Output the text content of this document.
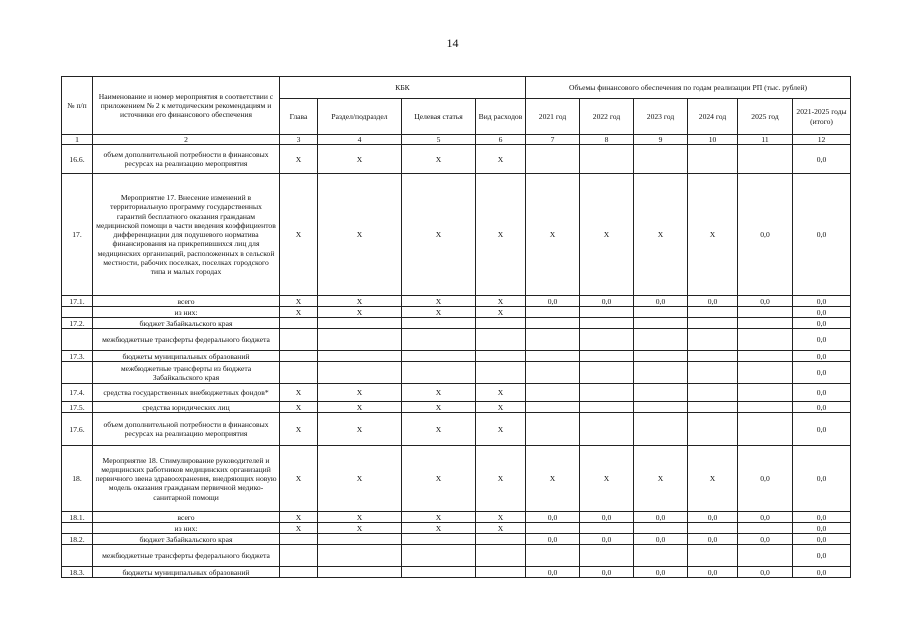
14
№ п/п	Наименование и номер мероприятия в соответствии с приложением № 2 к методическим рекомендациям и источники его финансового обеспечения	КБК				Объемы финансового обеспечения по годам реализации РП (тыс. рублей)					
		Глава	Раздел/подраздел	Целевая статья	Вид расходов	2021 год	2022 год	2023 год	2024 год	2025 год	2021-2025 годы (итого)
1	2	3	4	5	6	7	8	9	10	11	12
16.6.	объем дополнительной потребности в финансовых ресурсах на реализацию мероприятия	X	X	X	X						0,0
17.	Мероприятие 17. Внесение изменений в территориальную программу государственных гарантий бесплатного оказания гражданам медицинской помощи в части введения коэффициентов дифференциации для подушевого норматива финансирования на прикрепившихся лиц для медицинских организаций, расположенных в сельской местности, рабочих поселках, поселках городского типа и малых городах	X	X	X	X	X	X	X	X	0,0	0,0
17.1.	всего	X	X	X	X	0,0	0,0	0,0	0,0	0,0	0,0
	из них:	X	X	X	X						0,0
17.2.	бюджет Забайкальского края										0,0
	межбюджетные трансферты федерального бюджета										0,0
17.3.	бюджеты муниципальных образований										0,0
	межбюджетные трансферты из бюджета Забайкальского края										0,0
17.4.	средства государственных внебюджетных фондов*	X	X	X	X						0,0
17.5.	средства юридических лиц	X	X	X	X						0,0
17.6.	объем дополнительной потребности в финансовых ресурсах на реализацию мероприятия	X	X	X	X						0,0
18.	Мероприятие 18. Стимулирование руководителей и медицинских работников медицинских организаций первичного звена здравоохранения, внедряющих новую модель оказания гражданам первичной медико-санитарной помощи	X	X	X	X	X	X	X	X	0,0	0,0
18.1.	всего	X	X	X	X	0,0	0,0	0,0	0,0	0,0	0,0
	из них:	X	X	X	X						0,0
18.2.	бюджет Забайкальского края					0,0	0,0	0,0	0,0	0,0	0,0
	межбюджетные трансферты федерального бюджета										0,0
18.3.	бюджеты муниципальных образований					0,0	0,0	0,0	0,0	0,0	0,0
